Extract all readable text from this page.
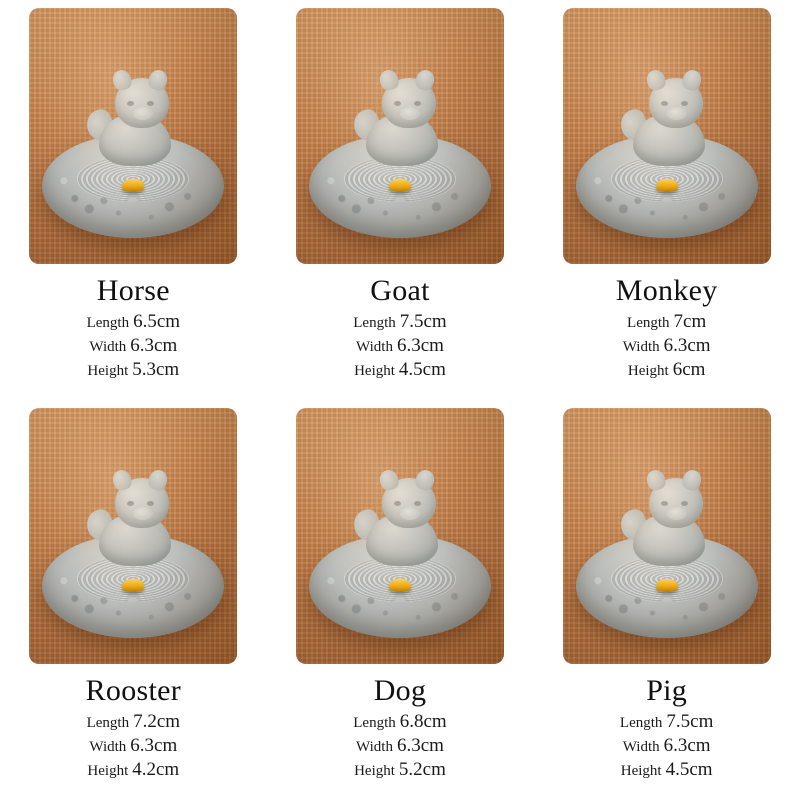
Horse
Length 6.5cm
Width 6.3cm
Height 5.3cm
Goat
Length 7.5cm
Width 6.3cm
Height 4.5cm
Monkey
Length 7cm
Width 6.3cm
Height 6cm
Rooster
Length 7.2cm
Width 6.3cm
Height 4.2cm
Dog
Length 6.8cm
Width 6.3cm
Height 5.2cm
Pig
Length 7.5cm
Width 6.3cm
Height 4.5cm
